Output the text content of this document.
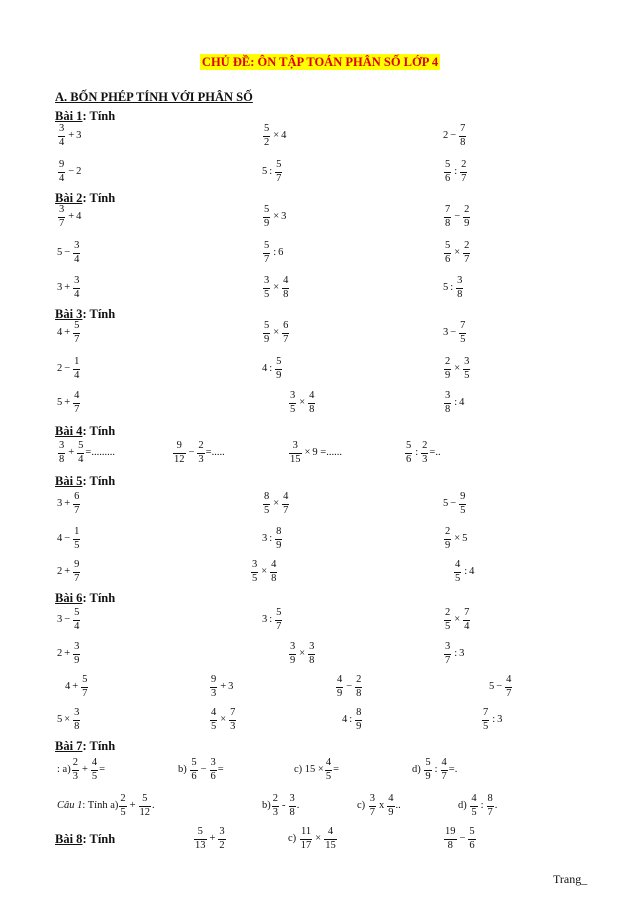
CHỦ ĐỀ: ÔN TẬP TOÁN PHÂN SỐ LỚP 4
A. BỐN PHÉP TÍNH VỚI PHÂN SỐ
Bài 1: Tính
Bài 2: Tính
Bài 3: Tính
Bài 4: Tính
Bài 5: Tính
Bài 6: Tính
Bài 7: Tính
Bài 8: Tính
$\frac{3}{4} + 3$	$\frac{5}{2} \times 4$	$2 - \frac{7}{8}$
$\frac{9}{4} - 2$	5 : $\frac{5}{7}$	$\frac{5}{6}$ : $\frac{2}{7}$
$\frac{3}{7} + 4$	$\frac{5}{9} \times 3$	$\frac{7}{8} - \frac{2}{9}$
$5 - \frac{3}{4}$	$\frac{5}{7}$ : 6	$\frac{5}{6} \times \frac{2}{7}$
$3 + \frac{3}{4}$	$\frac{3}{5} \times \frac{4}{8}$	5 : $\frac{3}{8}$
$4 + \frac{5}{7}$	$\frac{5}{9} \times \frac{6}{7}$	$3 - \frac{7}{5}$
$2 - \frac{1}{4}$	4 : $\frac{5}{9}$	$\frac{2}{9} \times \frac{3}{5}$
$5 + \frac{4}{7}$	$\frac{3}{5} \times \frac{4}{8}$	$\frac{3}{8}$ : 4
$\frac{3}{8} + \frac{5}{4}$ =.........	$\frac{9}{12} - \frac{2}{3}$ =.....	$\frac{3}{15} \times 9$ =......	$\frac{5}{6}$ : $\frac{2}{3}$ =..
$3 + \frac{6}{7}$	$\frac{8}{5} \times \frac{4}{7}$	$5 - \frac{9}{5}$
$4 - \frac{1}{5}$	3 : $\frac{8}{9}$	$\frac{2}{9} \times 5$
$2 + \frac{9}{7}$	$\frac{3}{5} \times \frac{4}{8}$	$\frac{4}{5}$ : 4
$3 - \frac{5}{4}$	3 : $\frac{5}{7}$	$\frac{2}{5} \times \frac{7}{4}$
$2 + \frac{3}{9}$	$\frac{3}{9} \times \frac{3}{8}$	$\frac{3}{7}$ : 3
$4 + \frac{5}{7}$	$\frac{9}{3} + 3$	$\frac{4}{9} - \frac{2}{8}$	$5 - \frac{4}{7}$
$5 \times \frac{3}{8}$	$\frac{4}{5} \times \frac{7}{3}$	4 : $\frac{8}{9}$	$\frac{7}{5}$ : 3
: $a) \frac{2}{3} + \frac{4}{5}$ =	$b) \frac{5}{6} - \frac{3}{6}$ =	c) $15 \times \frac{4}{5}$ =	$d) \frac{5}{9}$ : $\frac{4}{7}$ =.
Câu 1: Tính $a) \frac{2}{5} + \frac{5}{12}$ .	$b) \frac{2}{3} - \frac{3}{8}$ .	$c) \frac{3}{7}$ x $\frac{4}{9}$ ..	$d) \frac{4}{5}$ : $\frac{8}{7}$ .
$\frac{5}{13} + \frac{3}{2}$	$c) \frac{11}{17} \times \frac{4}{15}$	$\frac{19}{8} - \frac{5}{6}$
Trang_
